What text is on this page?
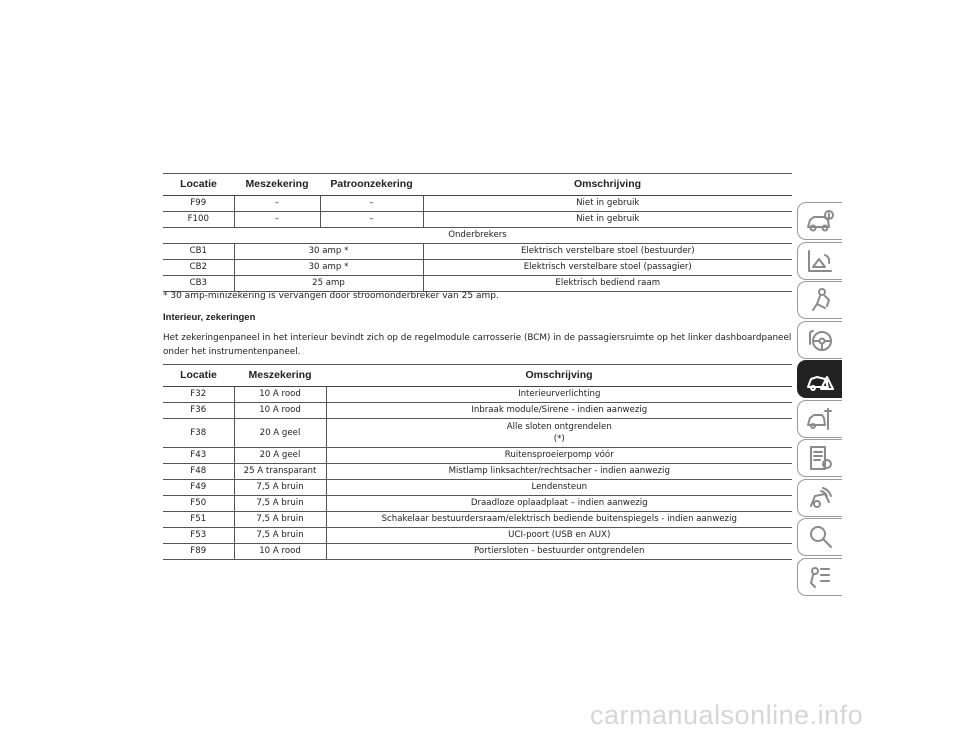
Locatie	Meszekering	Patroonzekering	Omschrijving
F99	–	–	Niet in gebruik
F100	–	–	Niet in gebruik
Onderbrekers			
CB1	30 amp *		Elektrisch verstelbare stoel (bestuurder)
CB2	30 amp *		Elektrisch verstelbare stoel (passagier)
CB3	25 amp		Elektrisch bediend raam
* 30 amp-minizekering is vervangen door stroomonderbreker van 25 amp.
Interieur, zekeringen
Het zekeringenpaneel in het interieur bevindt zich op de regelmodule carrosserie (BCM) in de passagiersruimte op het linker dashboardpaneel onder het instrumentenpaneel.
Locatie	Meszekering	Omschrijving
F32	10 A rood	Interieurverlichting
F36	10 A rood	Inbraak module/Sirene - indien aanwezig
F38	20 A geel	Alle sloten ontgrendelen
(*)

F43	20 A geel	Ruitensproeierpomp vóór
F48	25 A transparant	Mistlamp linksachter/rechtsacher - indien aanwezig
F49	7,5 A bruin	Lendensteun
F50	7,5 A bruin	Draadloze oplaadplaat – indien aanwezig
F51	7,5 A bruin	Schakelaar bestuurdersraam/elektrisch bediende buitenspiegels - indien aanwezig
F53	7,5 A bruin	UCI-poort (USB en AUX)
F89	10 A rood	Portiersloten - bestuurder ontgrendelen
carmanualsonline.info
